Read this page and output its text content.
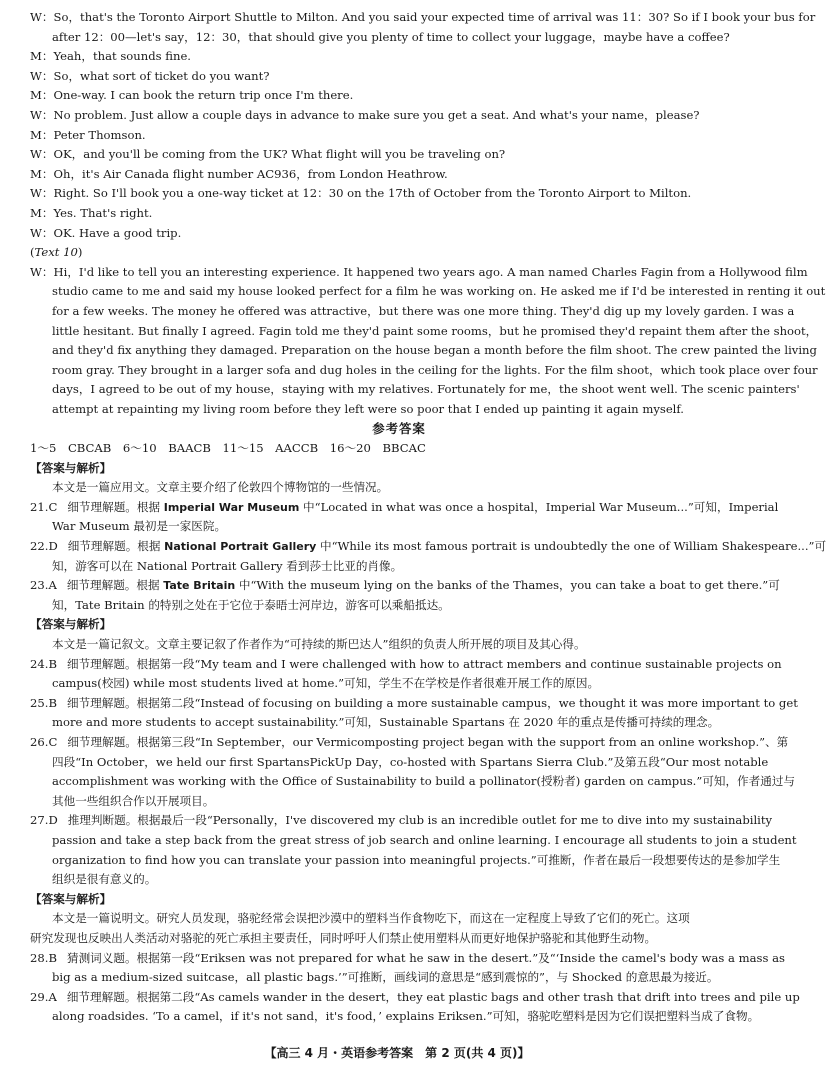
W：So，that's the Toronto Airport Shuttle to Milton. And you said your expected time of arrival was 11：30? So if I book your bus for
after 12：00—let's say，12：30，that should give you plenty of time to collect your luggage，maybe have a coffee?
M：Yeah，that sounds fine.
W：So，what sort of ticket do you want?
M：One-way. I can book the return trip once I'm there.
W：No problem. Just allow a couple days in advance to make sure you get a seat. And what's your name，please?
M：Peter Thomson.
W：OK，and you'll be coming from the UK? What flight will you be traveling on?
M：Oh，it's Air Canada flight number AC936，from London Heathrow.
W：Right. So I'll book you a one-way ticket at 12：30 on the 17th of October from the Toronto Airport to Milton.
M：Yes. That's right.
W：OK. Have a good trip.
(Text 10)
W：Hi，I'd like to tell you an interesting experience. It happened two years ago. A man named Charles Fagin from a Hollywood film
studio came to me and said my house looked perfect for a film he was working on. He asked me if I'd be interested in renting it out
for a few weeks. The money he offered was attractive，but there was one more thing. They'd dig up my lovely garden. I was a
little hesitant. But finally I agreed. Fagin told me they'd paint some rooms，but he promised they'd repaint them after the shoot，
and they'd fix anything they damaged. Preparation on the house began a month before the film shoot. The crew painted the living
room gray. They brought in a larger sofa and dug holes in the ceiling for the lights. For the film shoot，which took place over four
days，I agreed to be out of my house，staying with my relatives. Fortunately for me，the shoot went well. The scenic painters'
attempt at repainting my living room before they left were so poor that I ended up painting it again myself.
参考答案
1～5　CBCAB　6～10　BAACB　11～15　AACCB　16～20　BBCAC
【答案与解析】
本文是一篇应用文。文章主要介绍了伦敦四个博物馆的一些情况。
21.C 细节理解题。根据 Imperial War Museum 中“Located in what was once a hospital，Imperial War Museum...”可知，Imperial
War Museum 最初是一家医院。
22.D 细节理解题。根据 National Portrait Gallery 中“While its most famous portrait is undoubtedly the one of William Shakespeare...”可
知，游客可以在 National Portrait Gallery 看到莎士比亚的肖像。
23.A 细节理解题。根据 Tate Britain 中“With the museum lying on the banks of the Thames，you can take a boat to get there.”可
知，Tate Britain 的特别之处在于它位于泰晤士河岸边，游客可以乘船抵达。
【答案与解析】
本文是一篇记叙文。文章主要记叙了作者作为“可持续的斯巴达人”组织的负责人所开展的项目及其心得。
24.B 细节理解题。根据第一段“My team and I were challenged with how to attract members and continue sustainable projects on
campus(校园) while most students lived at home.”可知，学生不在学校是作者很难开展工作的原因。
25.B 细节理解题。根据第二段“Instead of focusing on building a more sustainable campus，we thought it was more important to get
more and more students to accept sustainability.”可知，Sustainable Spartans 在 2020 年的重点是传播可持续的理念。
26.C 细节理解题。根据第三段“In September，our Vermicomposting project began with the support from an online workshop.”、第
四段“In October，we held our first SpartansPickUp Day，co-hosted with Spartans Sierra Club.”及第五段“Our most notable
accomplishment was working with the Office of Sustainability to build a pollinator(授粉者) garden on campus.”可知，作者通过与
其他一些组织合作以开展项目。
27.D 推理判断题。根据最后一段“Personally，I've discovered my club is an incredible outlet for me to dive into my sustainability
passion and take a step back from the great stress of job search and online learning. I encourage all students to join a student
organization to find how you can translate your passion into meaningful projects.”可推断，作者在最后一段想要传达的是参加学生
组织是很有意义的。
【答案与解析】
本文是一篇说明文。研究人员发现，骆驼经常会误把沙漠中的塑料当作食物吃下，而这在一定程度上导致了它们的死亡。这项
研究发现也反映出人类活动对骆驼的死亡承担主要责任，同时呼吁人们禁止使用塑料从而更好地保护骆驼和其他野生动物。
28.B 猜测词义题。根据第一段“Eriksen was not prepared for what he saw in the desert.”及“‘Inside the camel's body was a mass as
big as a medium-sized suitcase，all plastic bags.’”可推断，画线词的意思是“感到震惊的”，与 Shocked 的意思最为接近。
29.A 细节理解题。根据第二段“As camels wander in the desert，they eat plastic bags and other trash that drift into trees and pile up
along roadsides. ‘To a camel，if it's not sand，it's food，’ explains Eriksen.”可知，骆驼吃塑料是因为它们误把塑料当成了食物。
【高三 4 月・英语参考答案　第 2 页(共 4 页)】
